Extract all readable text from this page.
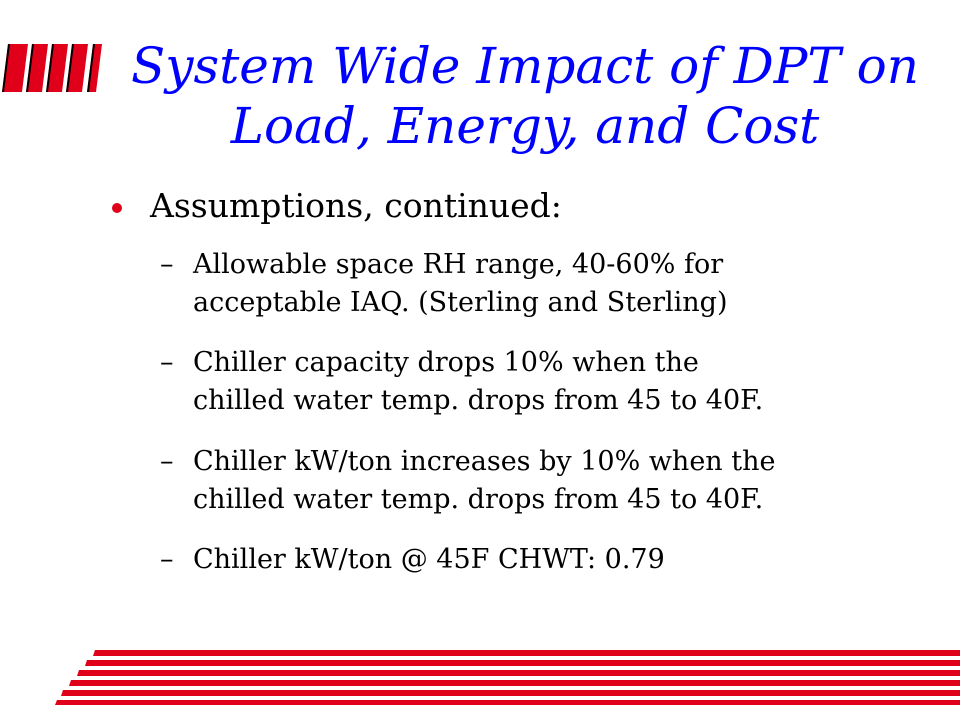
System Wide Impact of DPT on
Load, Energy, and Cost
Assumptions, continued:
– Allowable space RH range, 40-60% for
acceptable IAQ. (Sterling and Sterling)
– Chiller capacity drops 10% when the
chilled water temp. drops from 45 to 40F.
– Chiller kW/ton increases by 10% when the
chilled water temp. drops from 45 to 40F.
– Chiller kW/ton @ 45F CHWT: 0.79
